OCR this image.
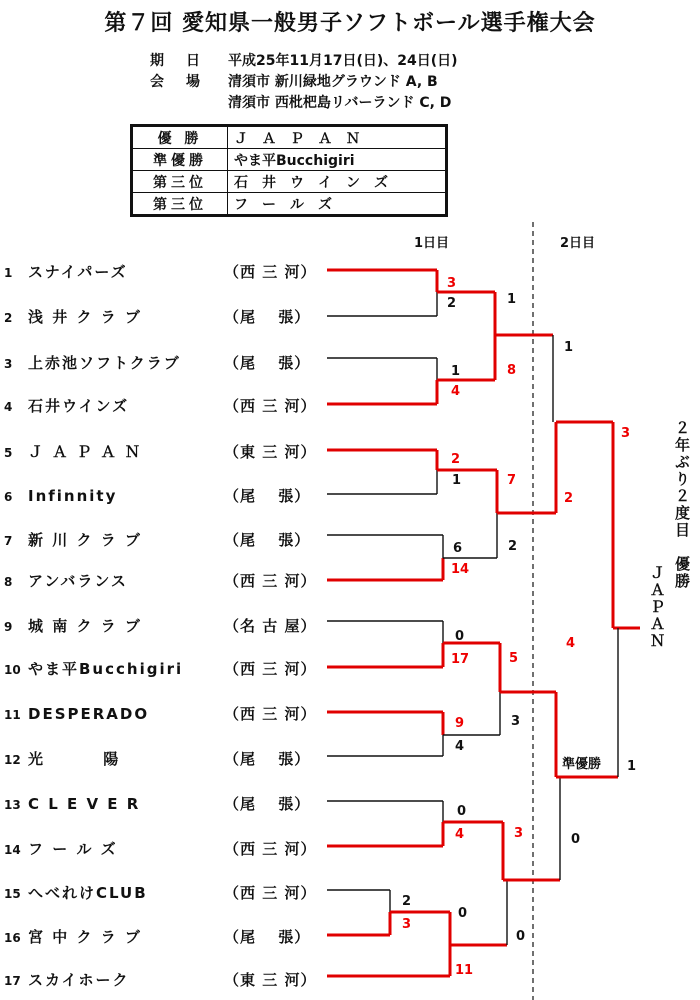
第７回 愛知県一般男子ソフトボール選手権大会
期　日 平成25年11月17日(日)、24日(日)
会　場 清須市 新川緑地グラウンド A, B
清須市 西枇杷島リバーランド C, D
優 勝	Ｊ　Ａ　Ｐ　Ａ　Ｎ
準優勝	やま平Bucchigiri
第三位	石　井　ウ　イ　ン　ズ
第三位	フ　ー　ル　ズ
1日目	2日目
1 スナイパーズ	（西 三 河）
2 浅 井 ク ラ ブ	（尾　 張）
3 上赤池ソフトクラブ	（尾　 張）
4 石井ウインズ	（西 三 河）
5 Ｊ Ａ Ｐ Ａ Ｎ	（東 三 河）
6 Infinnity	（尾　 張）
7 新 川 ク ラ ブ	（尾　 張）
8 アンバランス	（西 三 河）
9 城 南 ク ラ ブ	（名 古 屋）
10 やま平Bucchigiri	（西 三 河）
11 DESPERADO	（西 三 河）
12 光　　　 陽	（尾　 張）
13 C L E V E R	（尾　 張）
14 フ ー ル ズ	（西 三 河）
15 へべれけCLUB	（西 三 河）
16 宮 中 ク ラ ブ	（尾　 張）
17 スカイホーク	（東 三 河）
3
2
1
4
2
1
6
14
0
17
9
4
0
4
2
3
0
11
1
8
7
2
5
3
3
0
1
2
4
0
3
1
準優勝
２年ぶり２度目　優勝
ＪＡＰＡＮ
